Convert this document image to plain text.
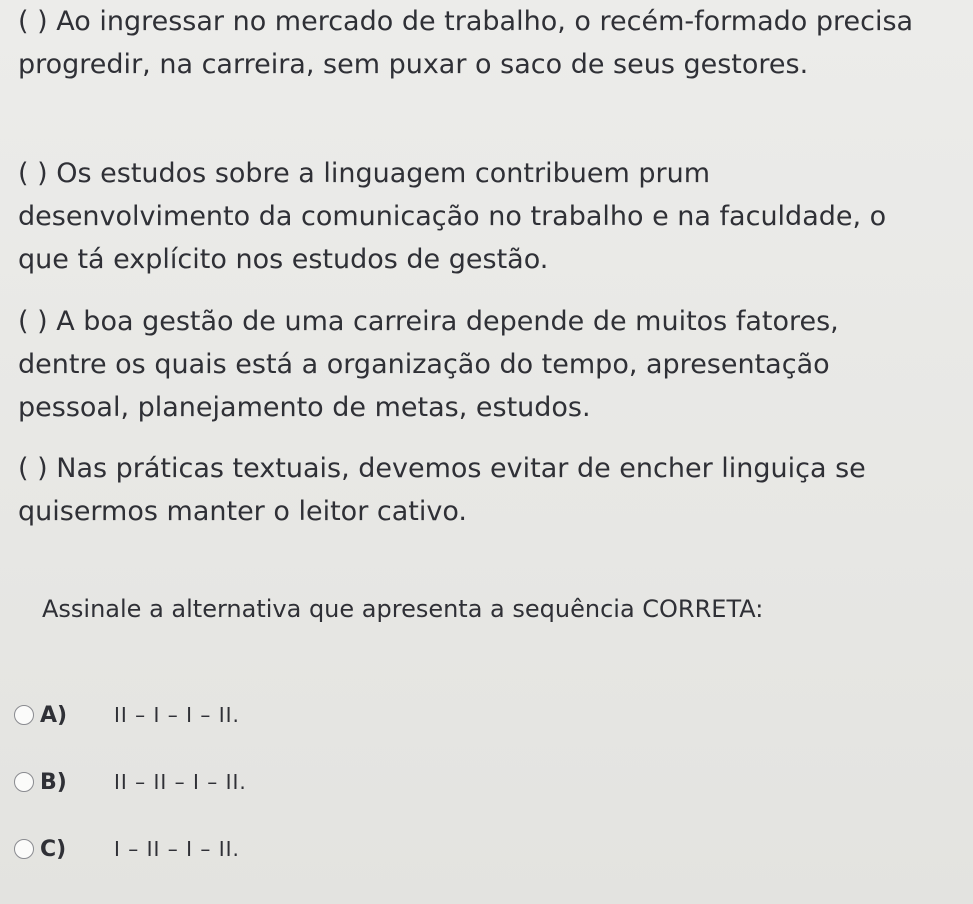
( ) Ao ingressar no mercado de trabalho, o recém-formado precisa progredir, na carreira, sem puxar o saco de seus gestores.
( ) Os estudos sobre a linguagem contribuem prum desenvolvimento da comunicação no trabalho e na faculdade, o que tá explícito nos estudos de gestão.
( ) A boa gestão de uma carreira depende de muitos fatores, dentre os quais está a organização do tempo, apresentação pessoal, planejamento de metas, estudos.
( ) Nas práticas textuais, devemos evitar de encher linguiça se quisermos manter o leitor cativo.
Assinale a alternativa que apresenta a sequência CORRETA:
A) II – I – I – II.
B) II – II – I – II.
C) I – II – I – II.
